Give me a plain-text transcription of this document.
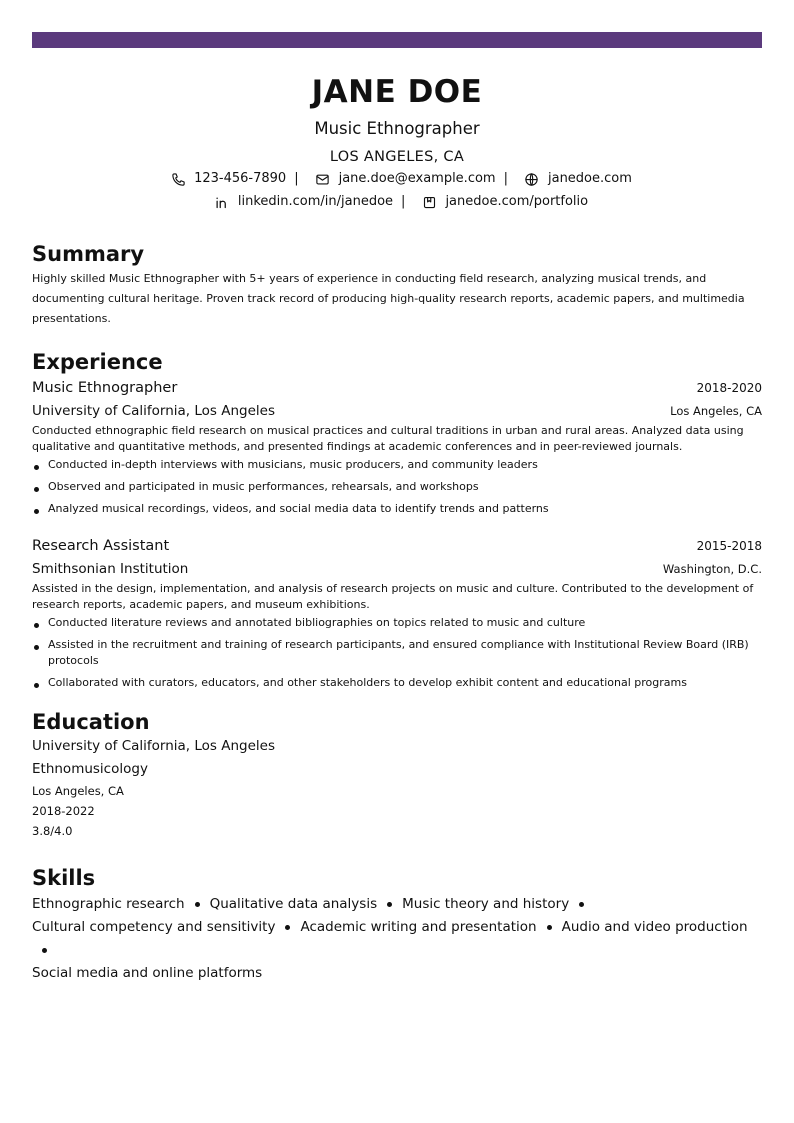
JANE DOE
Music Ethnographer
LOS ANGELES, CA
123-456-7890 |	jane.doe@example.com |	janedoe.com
linkedin.com/in/janedoe |	janedoe.com/portfolio
Summary
Highly skilled Music Ethnographer with 5+ years of experience in conducting field research, analyzing musical trends, and documenting cultural heritage. Proven track record of producing high-quality research reports, academic papers, and multimedia presentations.
Experience
Music Ethnographer	2018-2020
University of California, Los Angeles	Los Angeles, CA
Conducted ethnographic field research on musical practices and cultural traditions in urban and rural areas. Analyzed data using qualitative and quantitative methods, and presented findings at academic conferences and in peer-reviewed journals.
Conducted in-depth interviews with musicians, music producers, and community leaders
Observed and participated in music performances, rehearsals, and workshops
Analyzed musical recordings, videos, and social media data to identify trends and patterns
Research Assistant	2015-2018
Smithsonian Institution	Washington, D.C.
Assisted in the design, implementation, and analysis of research projects on music and culture. Contributed to the development of research reports, academic papers, and museum exhibitions.
Conducted literature reviews and annotated bibliographies on topics related to music and culture
Assisted in the recruitment and training of research participants, and ensured compliance with Institutional Review Board (IRB) protocols
Collaborated with curators, educators, and other stakeholders to develop exhibit content and educational programs
Education
University of California, Los Angeles
Ethnomusicology
Los Angeles, CA
2018-2022
3.8/4.0
Skills
Ethnographic research Qualitative data analysis Music theory and history
Cultural competency and sensitivity Academic writing and presentation Audio and video production
Social media and online platforms
